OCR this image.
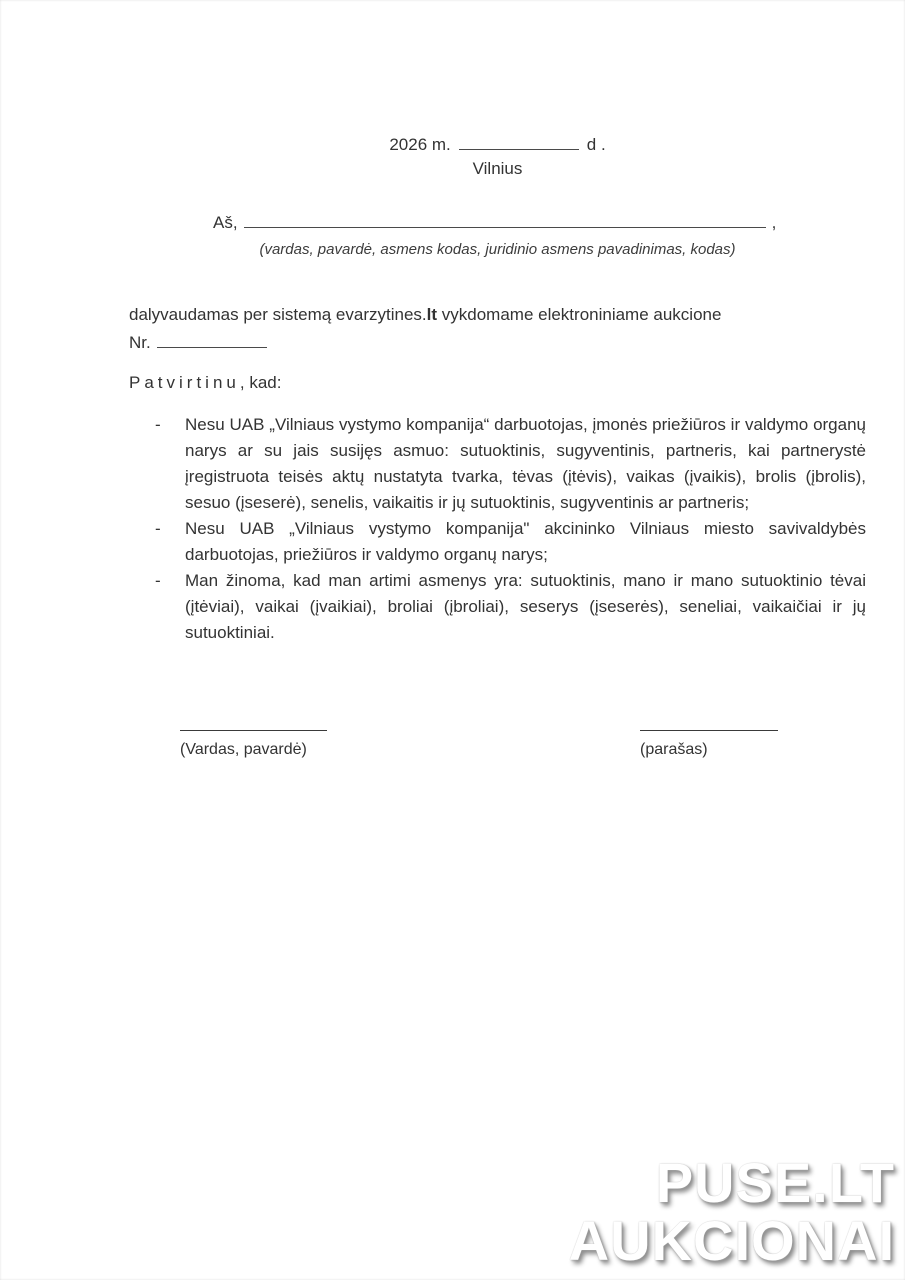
2026 m.	d .
Vilnius
Aš,	,
(vardas, pavardė, asmens kodas, juridinio asmens pavadinimas, kodas)
dalyvaudamas per sistemą evarzytines.lt vykdomame elektroniniame aukcione
Nr.
Patvirtinu, kad:
- Nesu UAB „Vilniaus vystymo kompanija“ darbuotojas, įmonės priežiūros ir valdymo organų narys ar su jais susijęs asmuo: sutuoktinis, sugyventinis, partneris, kai partnerystė įregistruota teisės aktų nustatyta tvarka, tėvas (įtėvis), vaikas (įvaikis), brolis (įbrolis), sesuo (įseserė), senelis, vaikaitis ir jų sutuoktinis, sugyventinis ar partneris;
- Nesu UAB „Vilniaus vystymo kompanija" akcininko Vilniaus miesto savivaldybės darbuotojas, priežiūros ir valdymo organų narys;
- Man žinoma, kad man artimi asmenys yra: sutuoktinis, mano ir mano sutuoktinio tėvai (įtėviai), vaikai (įvaikiai), broliai (įbroliai), seserys (įseserės), seneliai, vaikaičiai ir jų sutuoktiniai.
(Vardas, pavardė)	(parašas)
PUSE.LT
AUKCIONAI
